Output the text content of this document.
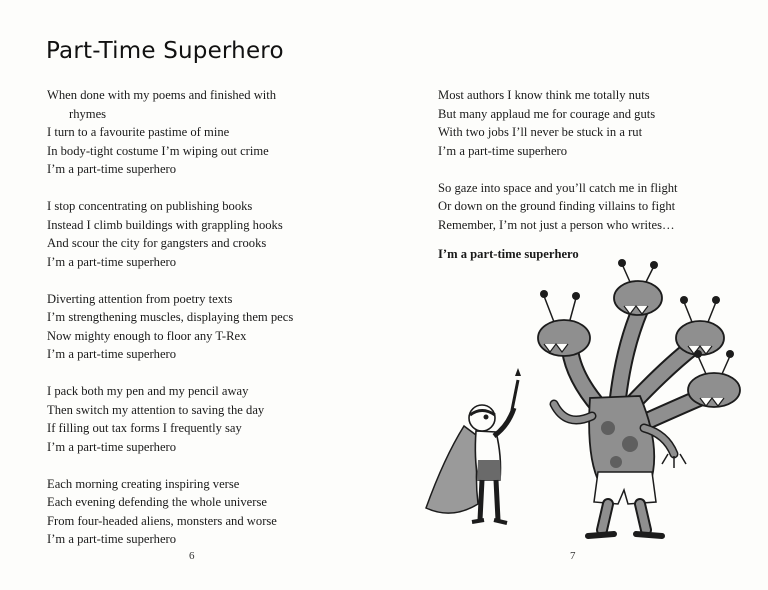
Part-Time Superhero

When done with my poems and finished with
rhymes
I turn to a favourite pastime of mine
In body-tight costume I’m wiping out crime
I’m a part-time superhero

I stop concentrating on publishing books
Instead I climb buildings with grappling hooks
And scour the city for gangsters and crooks
I’m a part-time superhero

Diverting attention from poetry texts
I’m strengthening muscles, displaying them pecs
Now mighty enough to floor any T-Rex
I’m a part-time superhero

I pack both my pen and my pencil away
Then switch my attention to saving the day
If filling out tax forms I frequently say
I’m a part-time superhero

Each morning creating inspiring verse
Each evening defending the whole universe
From four-headed aliens, monsters and worse
I’m a part-time superhero

6

Most authors I know think me totally nuts
But many applaud me for courage and guts
With two jobs I’ll never be stuck in a rut
I’m a part-time superhero

So gaze into space and you’ll catch me in flight
Or down on the ground finding villains to fight
Remember, I’m not just a person who writes…

I’m a part-time superhero

7
